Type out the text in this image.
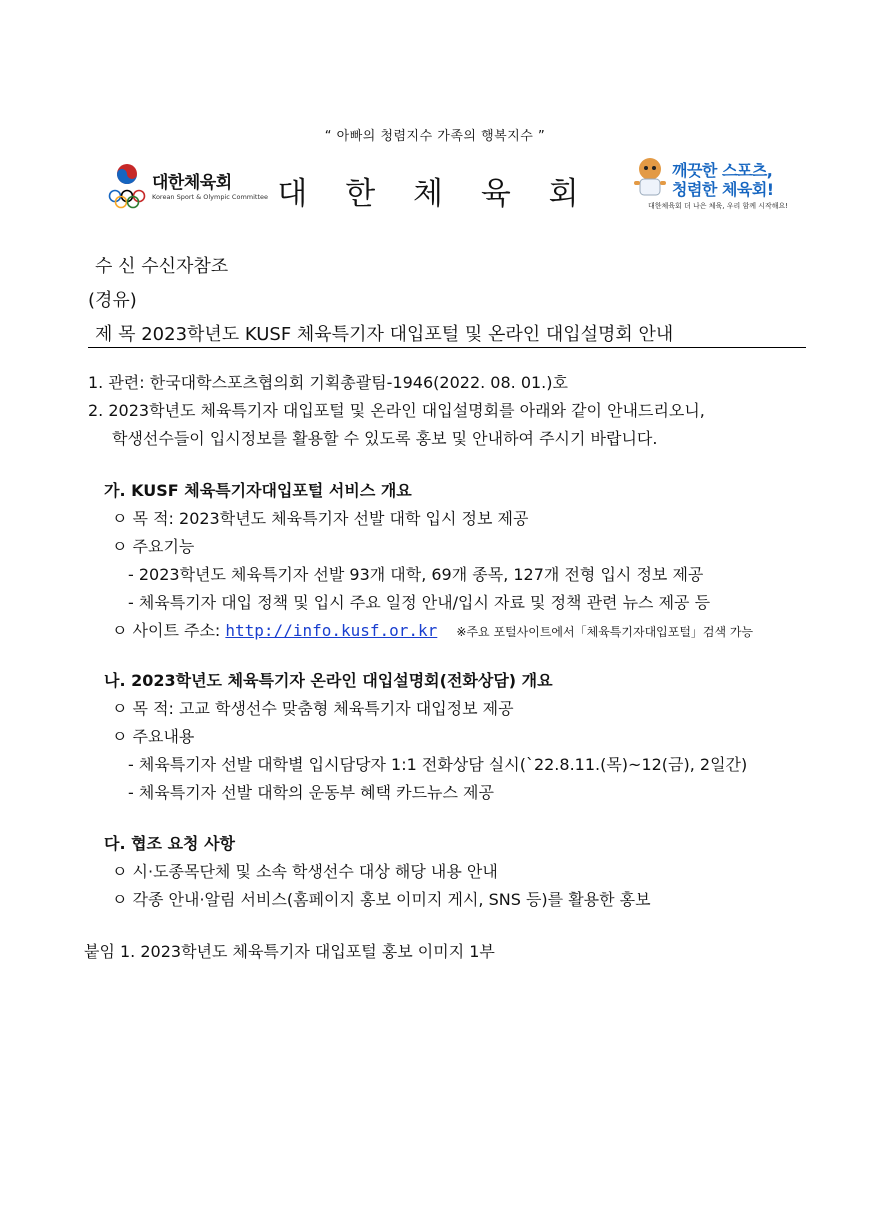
“ 아빠의 청렴지수 가족의 행복지수 ”
대한체육회
Korean Sport & Olympic Committee 대 한 체 육 회
깨끗한 스포츠,
청렴한 체육회!
대한체육회 더 나은 체육, 우리 함께 시작해요!
수 신 수신자참조
(경유)
제 목 2023학년도 KUSF 체육특기자 대입포털 및 온라인 대입설명회 안내
1. 관련: 한국대학스포츠협의회 기획총괄팀-1946(2022. 08. 01.)호
2. 2023학년도 체육특기자 대입포털 및 온라인 대입설명회를 아래와 같이 안내드리오니,
학생선수들이 입시정보를 활용할 수 있도록 홍보 및 안내하여 주시기 바랍니다.
가. KUSF 체육특기자대입포털 서비스 개요
ㅇ 목 적: 2023학년도 체육특기자 선발 대학 입시 정보 제공
ㅇ 주요기능
- 2023학년도 체육특기자 선발 93개 대학, 69개 종목, 127개 전형 입시 정보 제공
- 체육특기자 대입 정책 및 입시 주요 일정 안내/입시 자료 및 정책 관련 뉴스 제공 등
ㅇ 사이트 주소: http://info.kusf.or.kr ※주요 포털사이트에서「체육특기자대입포털」검색 가능
나. 2023학년도 체육특기자 온라인 대입설명회(전화상담) 개요
ㅇ 목 적: 고교 학생선수 맞춤형 체육특기자 대입정보 제공
ㅇ 주요내용
- 체육특기자 선발 대학별 입시담당자 1:1 전화상담 실시(`22.8.11.(목)~12(금), 2일간)
- 체육특기자 선발 대학의 운동부 혜택 카드뉴스 제공
다. 협조 요청 사항
ㅇ 시·도종목단체 및 소속 학생선수 대상 해당 내용 안내
ㅇ 각종 안내·알림 서비스(홈페이지 홍보 이미지 게시, SNS 등)를 활용한 홍보
붙임 1. 2023학년도 체육특기자 대입포털 홍보 이미지 1부
